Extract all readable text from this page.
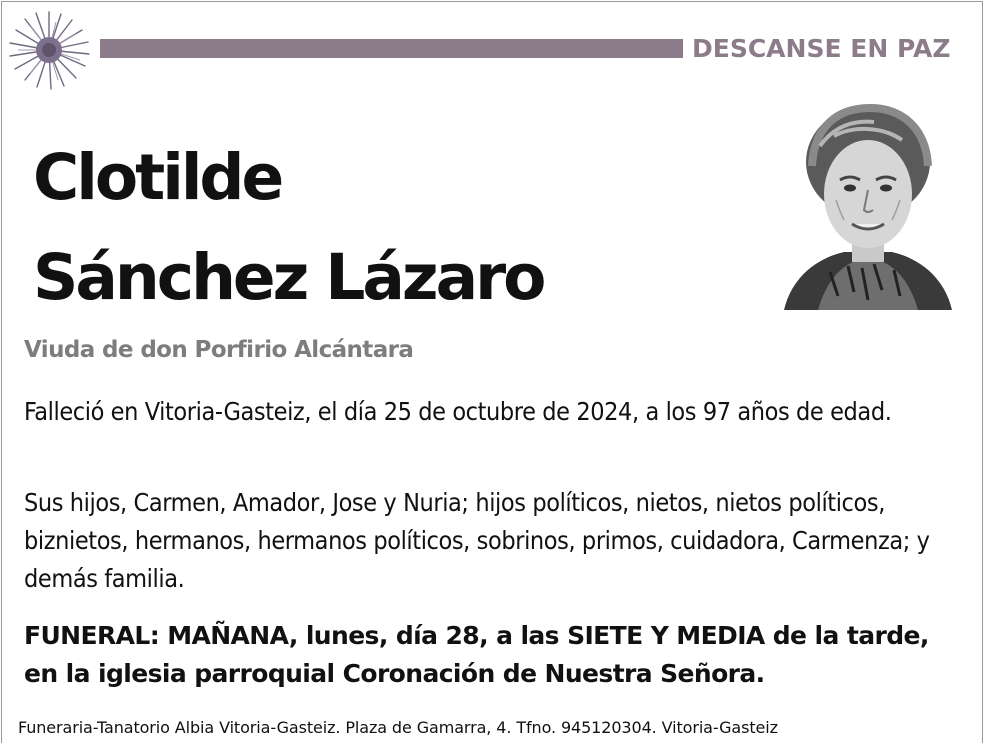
DESCANSE EN PAZ
Clotilde
Sánchez Lázaro
Viuda de don Porfirio Alcántara
Falleció en Vitoria-Gasteiz, el día 25 de octubre de 2024, a los 97 años de edad.
Sus hijos, Carmen, Amador, Jose y Nuria; hijos políticos, nietos, nietos políticos, biznietos, hermanos, hermanos políticos, sobrinos, primos, cuidadora, Carmenza; y demás familia.
FUNERAL: MAÑANA, lunes, día 28, a las SIETE Y MEDIA de la tarde, en la iglesia parroquial Coronación de Nuestra Señora.
Funeraria-Tanatorio Albia Vitoria-Gasteiz. Plaza de Gamarra, 4. Tfno. 945120304. Vitoria-Gasteiz
